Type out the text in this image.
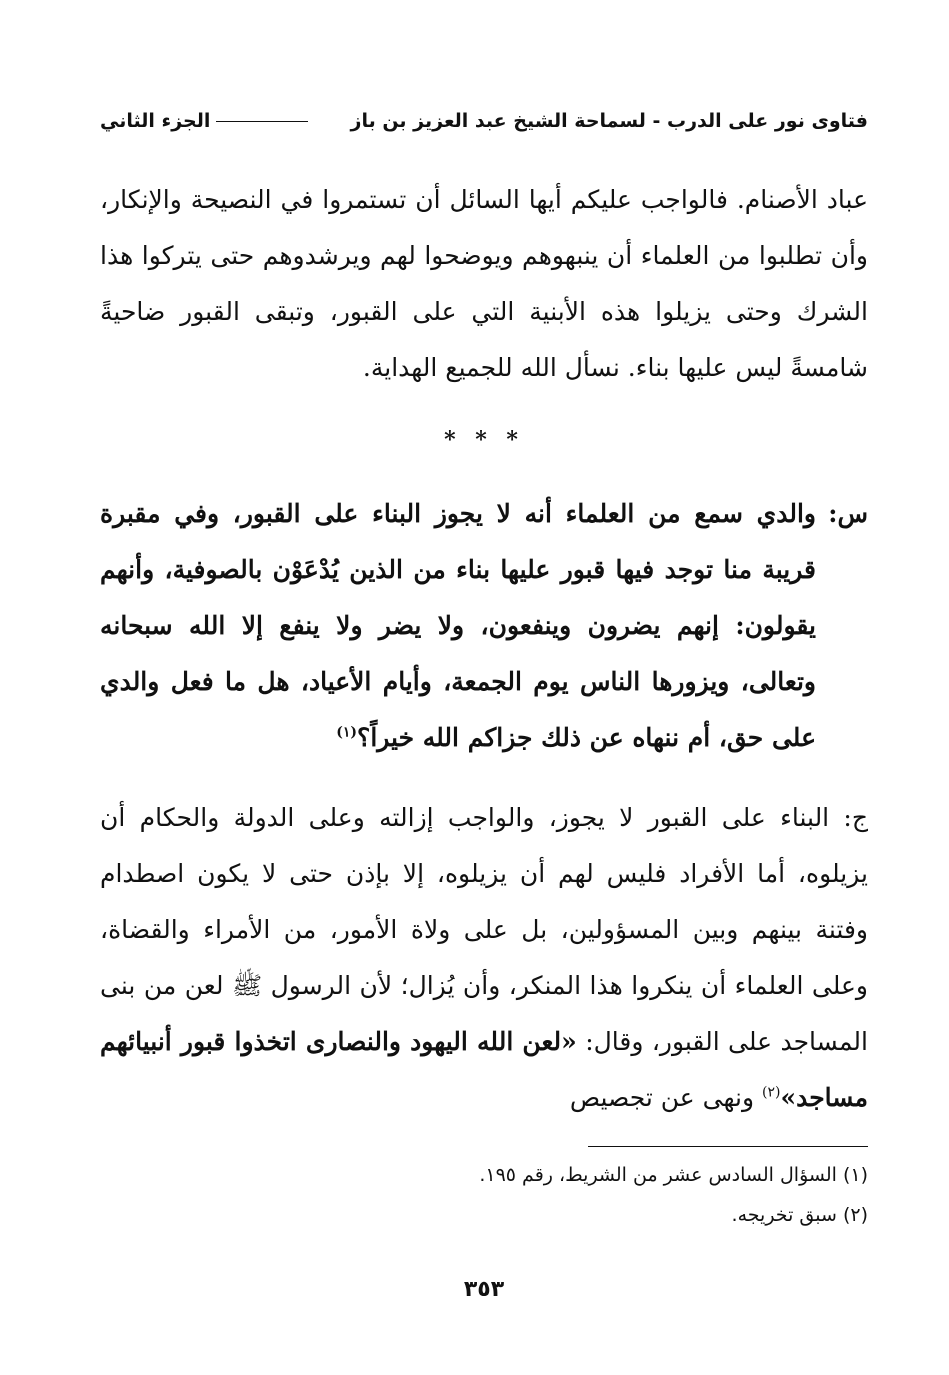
فتاوى نور على الدرب - لسماحة الشيخ عبد العزيز بن باز
الجزء الثاني

عباد الأصنام. فالواجب عليكم أيها السائل أن تستمروا في النصيحة والإنكار، وأن تطلبوا من العلماء أن ينبهوهم ويوضحوا لهم ويرشدوهم حتى يتركوا هذا الشرك وحتى يزيلوا هذه الأبنية التي على القبور، وتبقى القبور ضاحيةً شامسةً ليس عليها بناء. نسأل الله للجميع الهداية.

* * *
س:

والدي سمع من العلماء أنه لا يجوز البناء على القبور، وفي مقبرة قريبة منا توجد فيها قبور عليها بناء من الذين يُدْعَوْن بالصوفية، وأنهم يقولون: إنهم يضرون وينفعون، ولا يضر ولا ينفع إلا الله سبحانه وتعالى، ويزورها الناس يوم الجمعة، وأيام الأعياد، هل ما فعل والدي على حق، أم ننهاه عن ذلك جزاكم الله خيراً؟$^{(١)}$

ج: البناء على القبور لا يجوز، والواجب إزالته وعلى الدولة والحكام أن يزيلوه، أما الأفراد فليس لهم أن يزيلوه، إلا بإذن حتى لا يكون اصطدام وفتنة بينهم وبين المسؤولين، بل على ولاة الأمور، من الأمراء والقضاة، وعلى العلماء أن ينكروا هذا المنكر، وأن يُزال؛ لأن الرسول ﷺ لعن من بنى المساجد على القبور، وقال: «لعن الله اليهود والنصارى اتخذوا قبور أنبيائهم مساجد»$^{(٢)}$ ونهى عن تجصيص

(١) السؤال السادس عشر من الشريط، رقم ١٩٥.

(٢) سبق تخريجه.

٣٥٣
